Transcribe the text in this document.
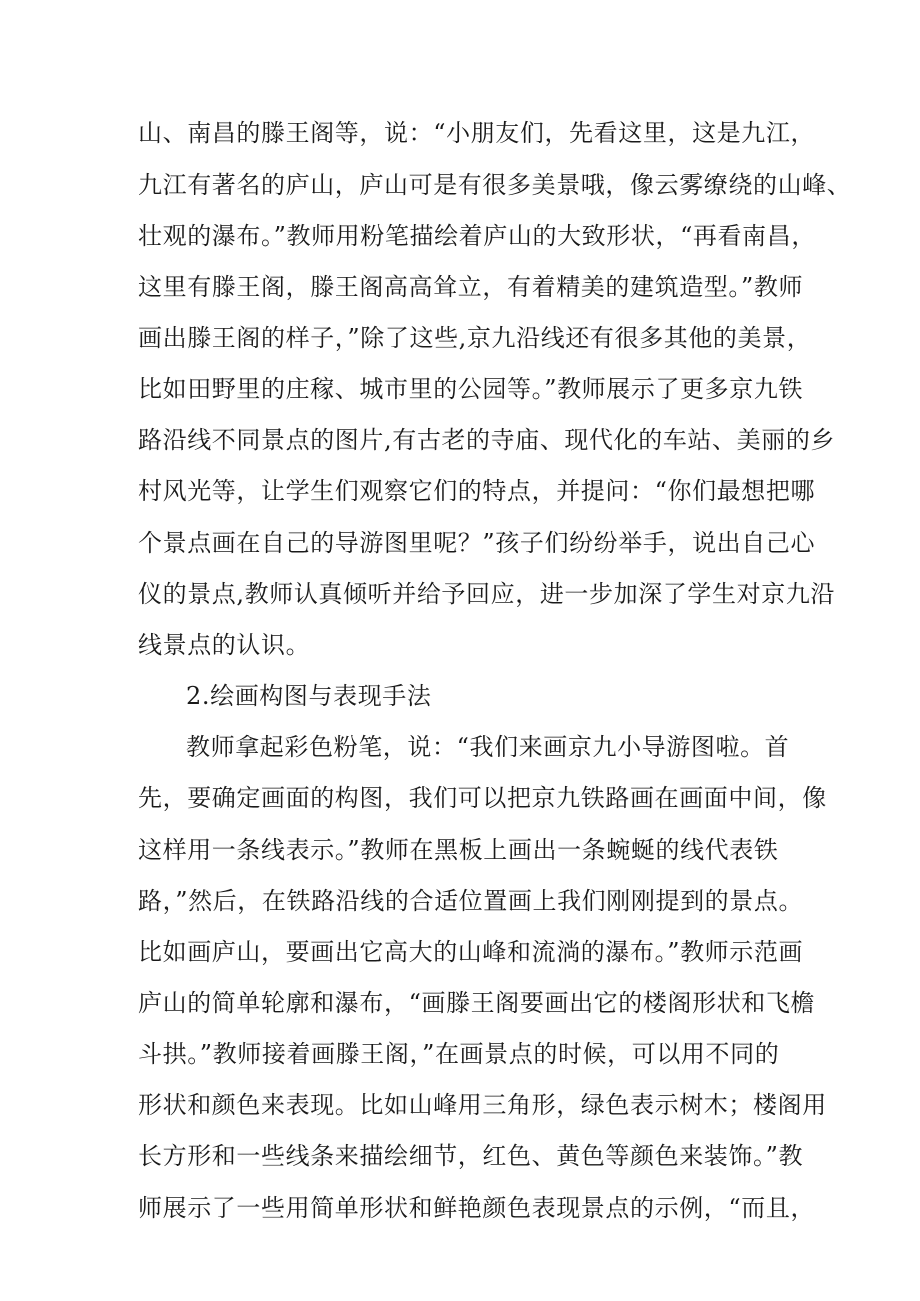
山、南昌的滕王阁等，说：“小朋友们，先看这里，这是九江，
九江有著名的庐山，庐山可是有很多美景哦，像云雾缭绕的山峰、
壮观的瀑布。”教师用粉笔描绘着庐山的大致形状，“再看南昌，
这里有滕王阁，滕王阁高高耸立，有着精美的建筑造型。”教师
画出滕王阁的样子，”除了这些,京九沿线还有很多其他的美景，
比如田野里的庄稼、城市里的公园等。”教师展示了更多京九铁
路沿线不同景点的图片,有古老的寺庙、现代化的车站、美丽的乡
村风光等，让学生们观察它们的特点，并提问：“你们最想把哪
个景点画在自己的导游图里呢？”孩子们纷纷举手，说出自己心
仪的景点,教师认真倾听并给予回应，进一步加深了学生对京九沿
线景点的认识。
2.绘画构图与表现手法
教师拿起彩色粉笔，说：“我们来画京九小导游图啦。首
先，要确定画面的构图，我们可以把京九铁路画在画面中间，像
这样用一条线表示。”教师在黑板上画出一条蜿蜒的线代表铁
路，”然后，在铁路沿线的合适位置画上我们刚刚提到的景点。
比如画庐山，要画出它高大的山峰和流淌的瀑布。”教师示范画
庐山的简单轮廓和瀑布，“画滕王阁要画出它的楼阁形状和飞檐
斗拱。”教师接着画滕王阁，”在画景点的时候，可以用不同的
形状和颜色来表现。比如山峰用三角形，绿色表示树木；楼阁用
长方形和一些线条来描绘细节，红色、黄色等颜色来装饰。”教
师展示了一些用简单形状和鲜艳颜色表现景点的示例，“而且，
